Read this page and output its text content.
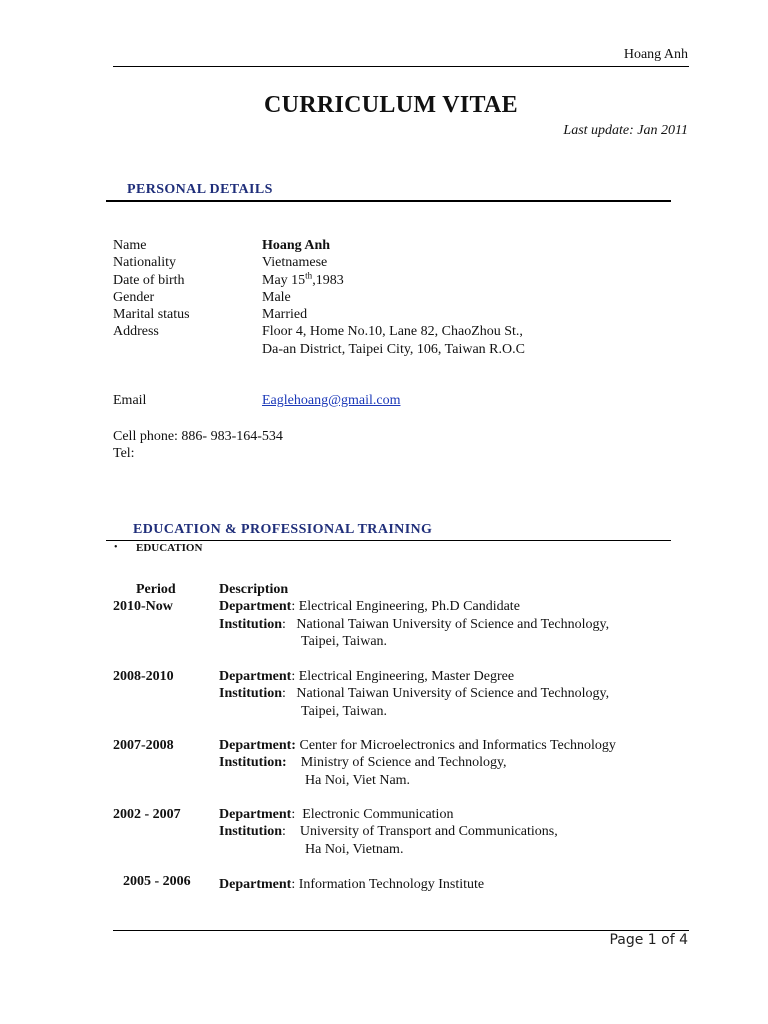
Hoang Anh
CURRICULUM VITAE
Last update: Jan 2011
PERSONAL DETAILS
Name	Hoang Anh
Nationality	Vietnamese
Date of birth	May 15th,1983
Gender	Male
Marital status	Married
Address	Floor 4, Home No.10, Lane 82, ChaoZhou St.,
Da-an District, Taipei City, 106, Taiwan R.O.C
Email	Eaglehoang@gmail.com
Cell phone: 886- 983-164-534
Tel:
EDUCATION & PROFESSIONAL TRAINING
• EDUCATION
Period	Description
2010-Now	Department: Electrical Engineering, Ph.D Candidate
Institution:   National Taiwan University of Science and Technology,
Taipei, Taiwan.
2008-2010	Department: Electrical Engineering, Master Degree
Institution:   National Taiwan University of Science and Technology,
Taipei, Taiwan.
2007-2008	Department: Center for Microelectronics and Informatics Technology
Institution:    Ministry of Science and Technology,
Ha Noi, Viet Nam.
2002 - 2007	Department:  Electronic Communication
Institution:    University of Transport and Communications,
Ha Noi, Vietnam.
2005 - 2006 Department: Information Technology Institute
Page 1 of 4
